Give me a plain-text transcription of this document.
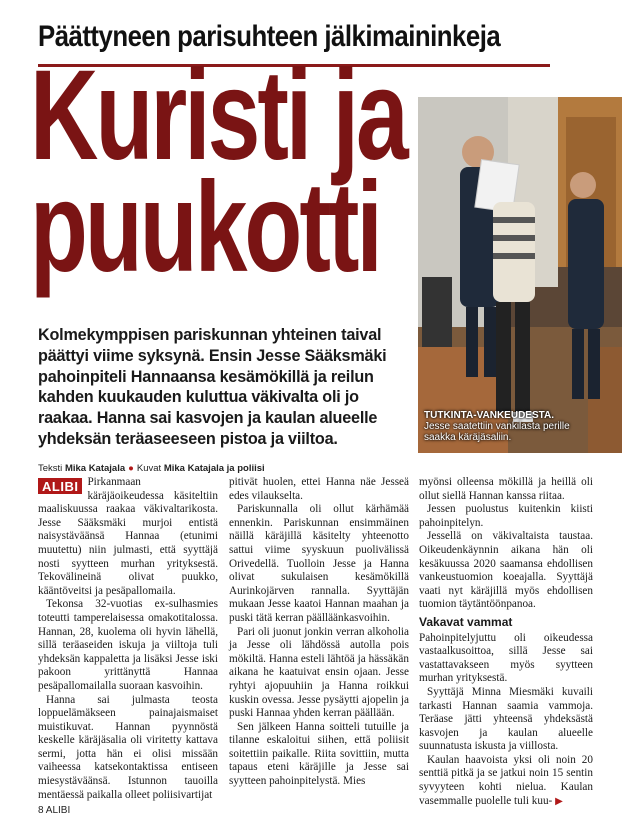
Päättyneen parisuhteen jälkimaininkeja
Kuristi ja
puukotti
TUTKINTA-VANKEUDESTA.
Jesse saatettiin vankilasta perille saakka käräjäsaliin.
Kolmekymppisen pariskunnan yhteinen taival päättyi viime syksynä. Ensin Jesse Sääksmäki pahoinpiteli Hannaansa kesämökillä ja reilun kahden kuukauden kuluttua väkivalta oli jo raakaa. Hanna sai kasvojen ja kaulan alueelle yhdeksän teräaseeseen pistoa ja viiltoa.
Teksti Mika Katajala ● Kuvat Mika Katajala ja poliisi

ALIBI Pirkanmaan käräjäoikeudessa käsiteltiin maaliskuussa raakaa väkivaltarikosta. Jesse Sääksmäki murjoi entistä naisystäväänsä Hannaa (etunimi muutettu) niin julmasti, että syyttäjä nosti syytteen murhan yrityksestä. Tekovälineinä olivat puukko, kääntöveitsi ja pesäpallomaila.

Tekonsa 32-vuotias ex-sulhasmies toteutti tamperelaisessa omakotitalossa. Hannan, 28, kuolema oli hyvin lähellä, sillä teräaseiden iskuja ja viiltoja tuli yhdeksän kappaletta ja lisäksi Jesse iski pakoon yrittänyttä Hannaa pesäpallomailalla suoraan kasvoihin.

Hanna sai julmasta teosta loppuelämäkseen painajaismaiset muistikuvat. Hannan pyynnöstä keskelle käräjäsalia oli viritetty kattava sermi, jotta hän ei olisi missään vaiheessa katsekontaktissa entiseen miesystäväänsä. Istunnon tauoilla mentäessä paikalla olleet poliisivartijat

pitivät huolen, ettei Hanna näe Jesseä edes vilaukselta.

Pariskunnalla oli ollut kärhämää ennenkin. Pariskunnan ensimmäinen näillä käräjillä käsitelty yhteenotto sattui viime syyskuun puolivälissä Orivedellä. Tuolloin Jesse ja Hanna olivat sukulaisen kesämökillä Aurinkojärven rannalla. Syyttäjän mukaan Jesse kaatoi Hannan maahan ja puski tätä kerran päälläänkasvoihin.

Pari oli juonut jonkin verran alkoholia ja Jesse oli lähdössä autolla pois mökiltä. Hanna esteli lähtöä ja hässäkän aikana he kaatuivat ensin ojaan. Jesse ryhtyi ajopuuhiin ja Hanna roikkui kuskin ovessa. Jesse pysäytti ajopelin ja puski Hannaa yhden kerran päällään.

Sen jälkeen Hanna soitteli tutuille ja tilanne eskaloitui siihen, että poliisit soitettiin paikalle. Riita sovittiin, mutta tapaus eteni käräjille ja Jesse sai syytteen pahoinpitelystä. Mies

myönsi olleensa mökillä ja heillä oli ollut siellä Hannan kanssa riitaa.

Jessen puolustus kuitenkin kiisti pahoinpitelyn.

Jessellä on väkivaltaista taustaa. Oikeudenkäynnin aikana hän oli kesäkuussa 2020 saamansa ehdollisen vankeustuomion koeajalla. Syyttäjä vaati nyt käräjillä myös ehdollisen tuomion täytäntöönpanoa.

Vakavat vammat

Pahoinpitelyjuttu oli oikeudessa vastaalkusoittoa, sillä Jesse sai vastattavakseen myös syytteen murhan yrityksestä.

Syyttäjä Minna Miesmäki kuvaili tarkasti Hannan saamia vammoja. Teräase jätti yhteensä yhdeksästä kasvojen ja kaulan alueelle suunnatusta iskusta ja viillosta.

Kaulan haavoista yksi oli noin 20 senttiä pitkä ja se jatkui noin 15 sentin syvyyteen kohti nielua. Kaulan vasemmalle puolelle tuli kuu- ▶

8 ALIBI
